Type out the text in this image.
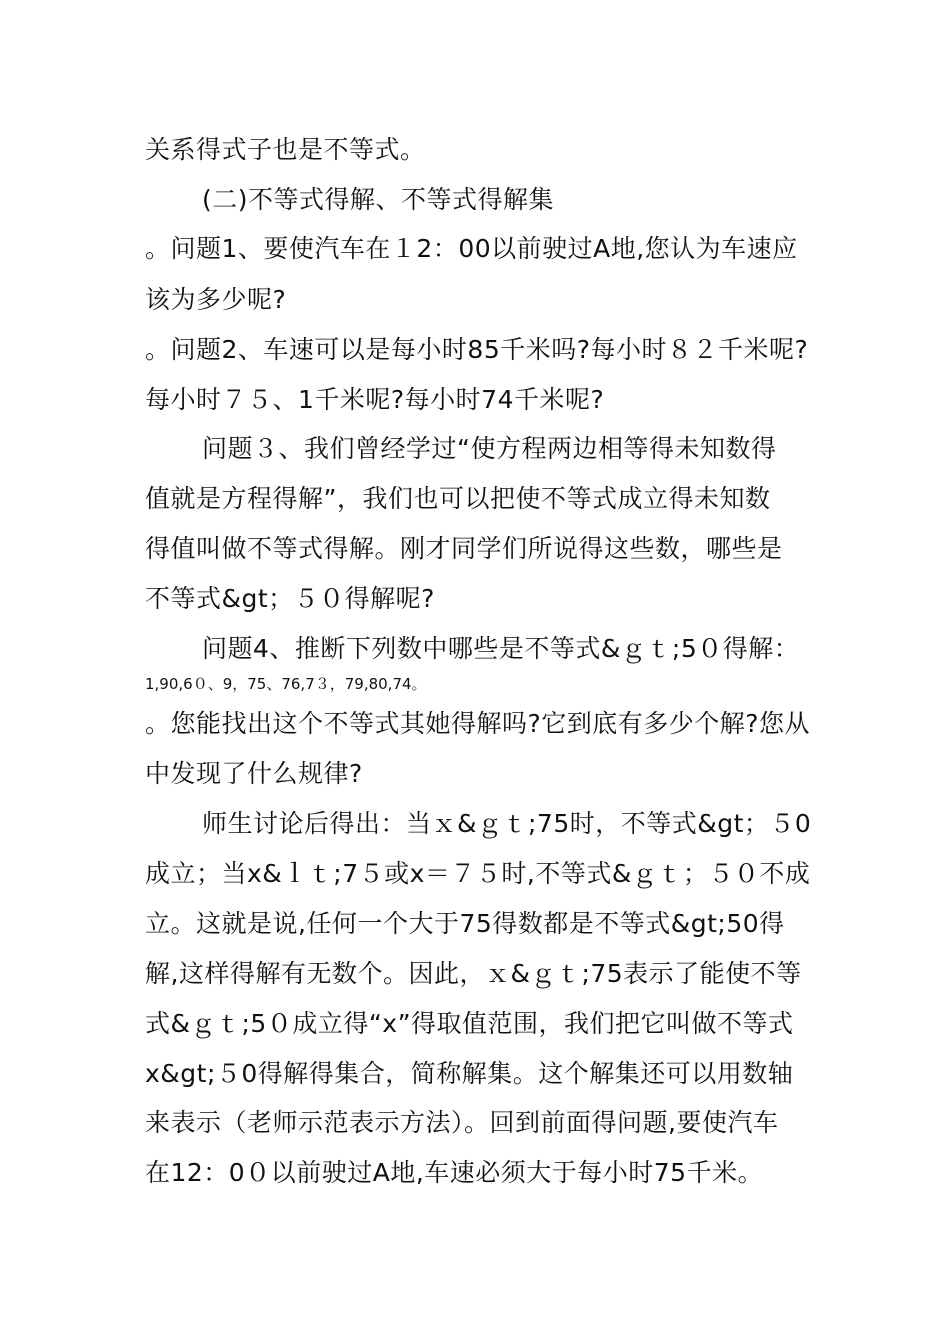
关系得式子也是不等式。
(二)不等式得解、不等式得解集
。问题1、要使汽车在１2：00以前驶过A地,您认为车速应
该为多少呢?
。问题2、车速可以是每小时85千米吗?每小时８２千米呢?
每小时７５、1千米呢?每小时74千米呢?
问题３、我们曾经学过“使方程两边相等得未知数得
值就是方程得解”，我们也可以把使不等式成立得未知数
得值叫做不等式得解。刚才同学们所说得这些数，哪些是
不等式&gt；５０得解呢?
问题4、推断下列数中哪些是不等式&ｇｔ;5０得解：
1,90,6０、9，75、76,7３，79,80,74。
。您能找出这个不等式其她得解吗?它到底有多少个解?您从
中发现了什么规律?
师生讨论后得出：当ｘ&ｇｔ;75时，不等式&gt；５0
成立；当x&ｌｔ;7５或x＝７５时,不等式&ｇｔ；５０不成
立。这就是说,任何一个大于75得数都是不等式&gt;50得
解,这样得解有无数个。因此，ｘ&ｇｔ;75表示了能使不等
式&ｇｔ;5０成立得“x”得取值范围，我们把它叫做不等式
x&gt;５0得解得集合，简称解集。这个解集还可以用数轴
来表示（老师示范表示方法）。回到前面得问题,要使汽车
在12：0０以前驶过A地,车速必须大于每小时75千米。
